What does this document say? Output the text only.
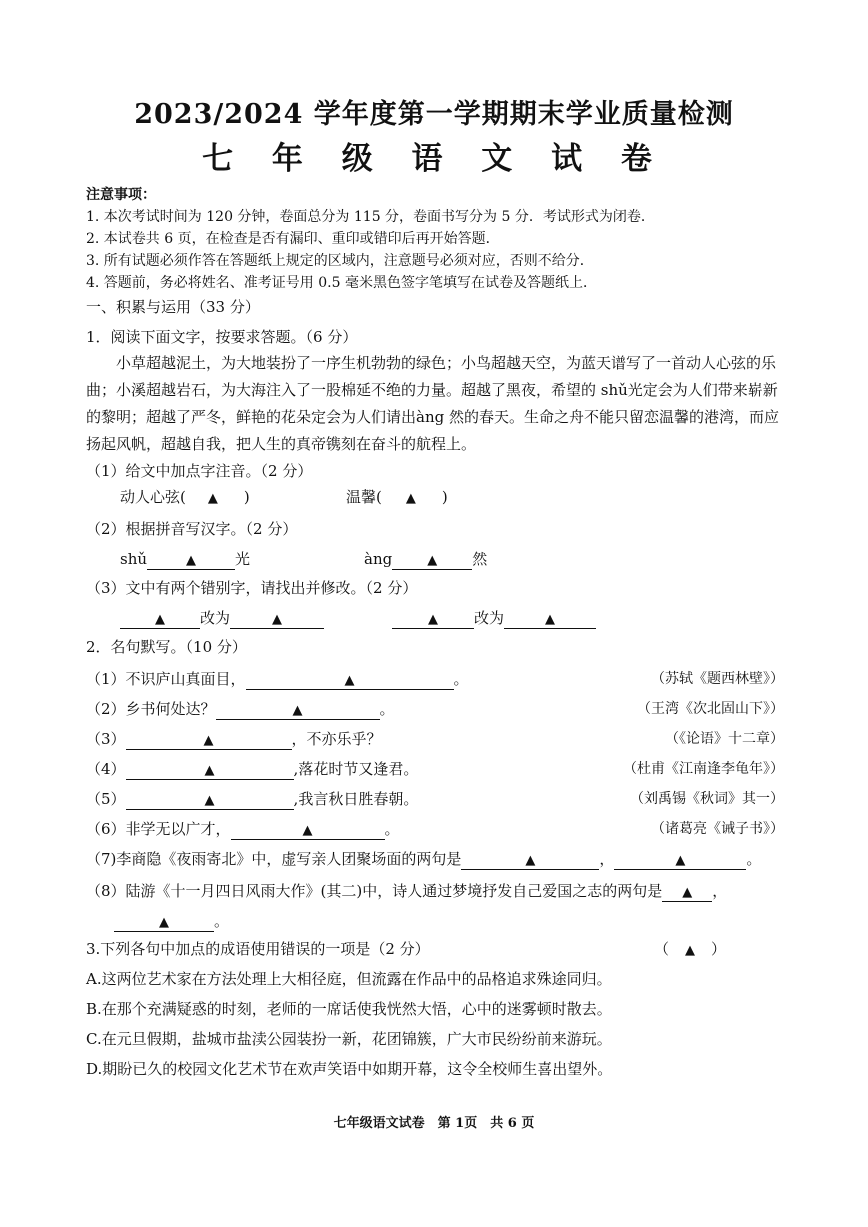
2023/2024 学年度第一学期期末学业质量检测
七 年 级 语 文 试 卷
注意事项：
1. 本次考试时间为 120 分钟，卷面总分为 115 分，卷面书写分为 5 分．考试形式为闭卷．
2. 本试卷共 6 页，在检查是否有漏印、重印或错印后再开始答题．
3. 所有试题必须作答在答题纸上规定的区域内，注意题号必须对应，否则不给分．
4. 答题前，务必将姓名、准考证号用 0.5 毫米黑色签字笔填写在试卷及答题纸上．
一、积累与运用（33 分）
1．阅读下面文字，按要求答题。（6 分）
小草超越泥土，为大地装扮了一序生机勃勃的绿色；小鸟超越天空，为蓝天谱写了一首动人心弦的乐曲；小溪超越岩石，为大海注入了一股棉延不绝的力量。超越了黑夜，希望的 shǔ光定会为人们带来崭新的黎明；超越了严冬，鲜艳的花朵定会为人们请出àng 然的春天。生命之舟不能只留恋温馨的港湾，而应扬起风帆，超越自我，把人生的真帝镌刻在奋斗的航程上。
（1）给文中加点字注音。（2 分）
动人心弦( ▲ )	温馨( ▲ )
（2）根据拼音写汉字。（2 分）
shǔ	▲	光	àng	▲ 然
（3）文中有两个错别字，请找出并修改。（2 分）
▲ 改为	▲	▲ 改为	▲
2．名句默写。（10 分）
（1）不识庐山真面目，	▲	。	（苏轼《题西林壁》）
（2）乡书何处达？	▲	。	（王湾《次北固山下》）
（3）	▲	，不亦乐乎？	（《论语》十二章）
（4）	▲	,落花时节又逢君。	（杜甫《江南逢李龟年》）
（5）	▲	,我言秋日胜春朝。	（刘禹锡《秋词》其一）
（6）非学无以广才，	▲	。	（诸葛亮《诫子书》）
（7)李商隐《夜雨寄北》中，虚写亲人团聚场面的两句是	▲	，	▲	。
（8）陆游《十一月四日风雨大作》(其二)中，诗人通过梦境抒发自己爱国之志的两句是 ▲ ，
▲	。
3.下列各句中加点的成语使用错误的一项是（2 分）	（ ▲ ）
A.这两位艺术家在方法处理上大相径庭，但流露在作品中的品格追求殊途同归。
B.在那个充满疑惑的时刻，老师的一席话使我恍然大悟，心中的迷雾顿时散去。
C.在元旦假期，盐城市盐渎公园装扮一新，花团锦簇，广大市民纷纷前来游玩。
D.期盼已久的校园文化艺术节在欢声笑语中如期开幕，这令全校师生喜出望外。
七年级语文试卷　第 1页　共 6 页
